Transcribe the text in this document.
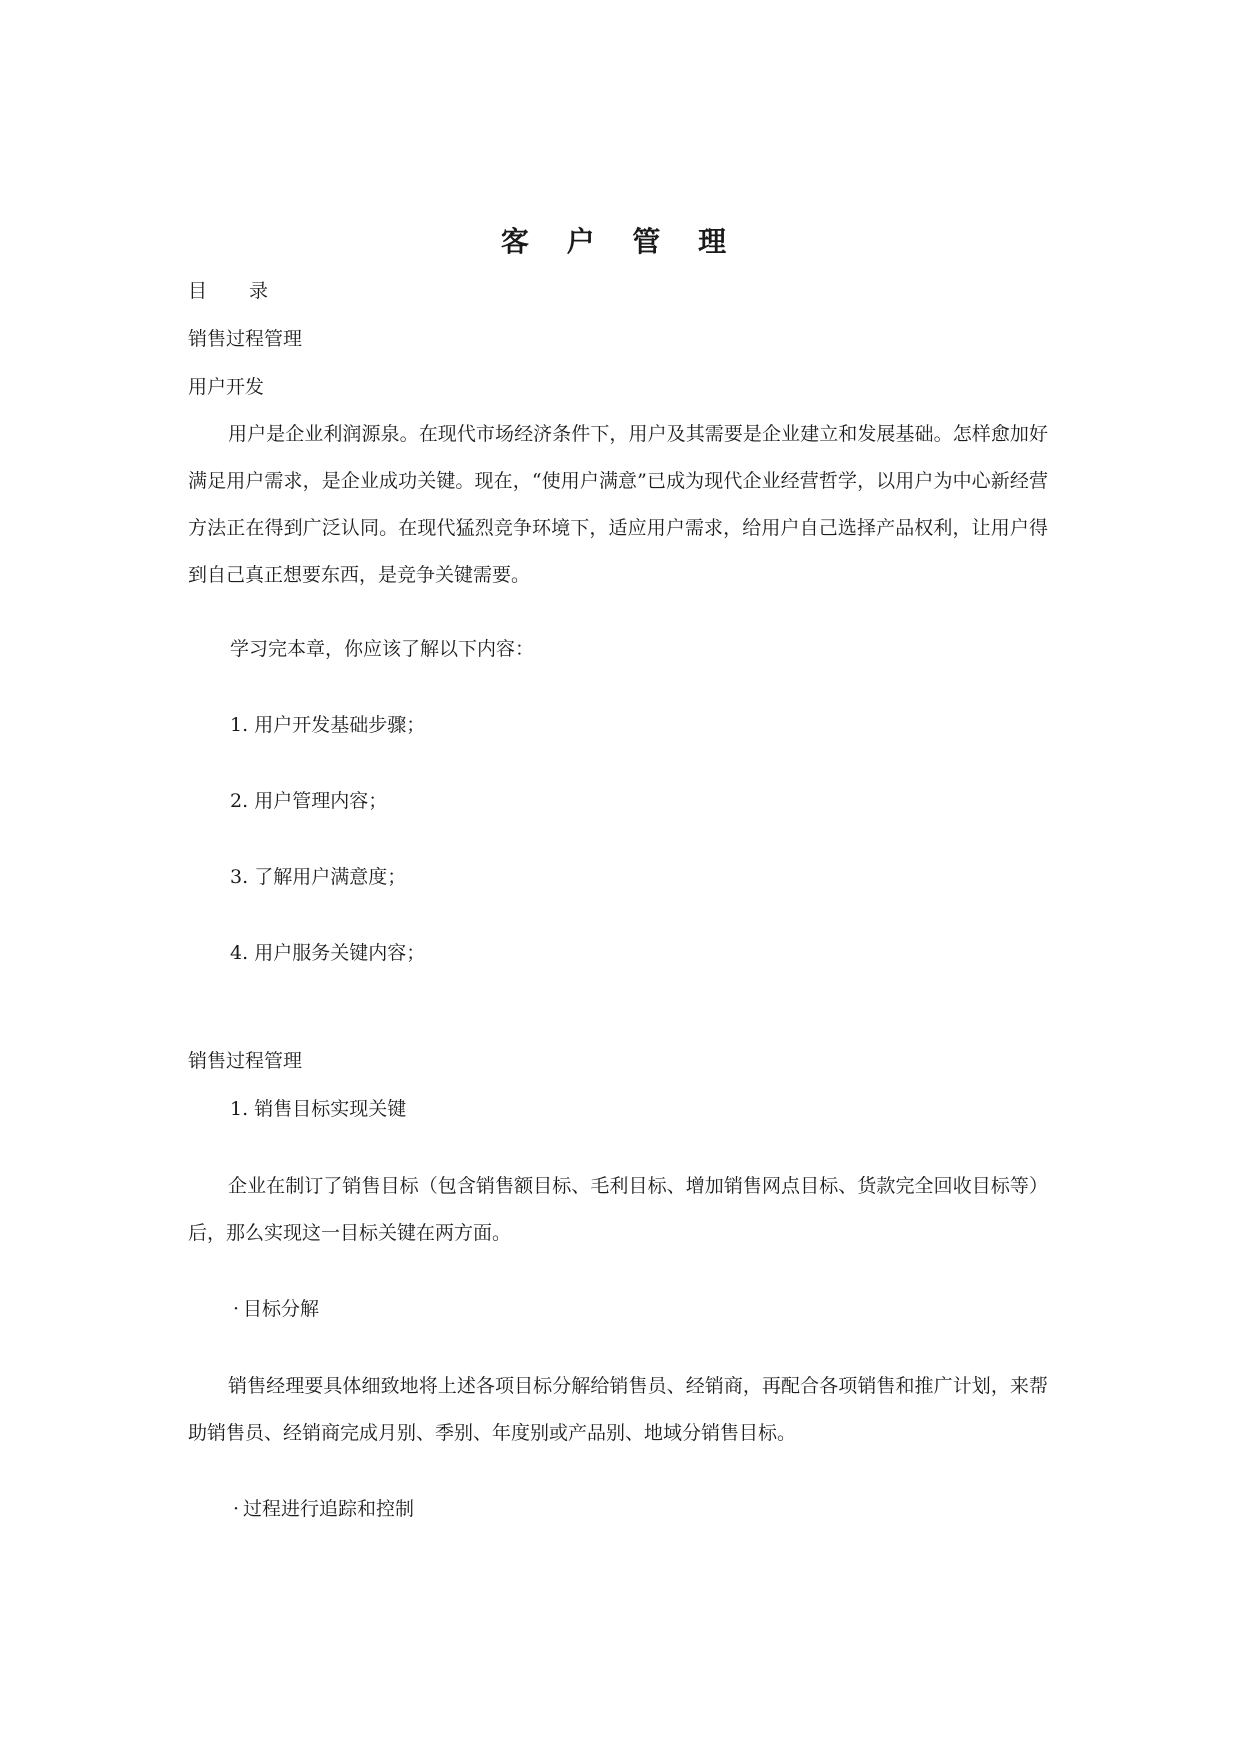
客 户 管 理
目 录
销售过程管理
用户开发
用户是企业利润源泉。在现代市场经济条件下，用户及其需要是企业建立和发展基础。怎样愈加好满足用户需求，是企业成功关键。现在，“使用户满意”已成为现代企业经营哲学，以用户为中心新经营方法正在得到广泛认同。在现代猛烈竞争环境下，适应用户需求，给用户自己选择产品权利，让用户得到自己真正想要东西，是竞争关键需要。
学习完本章，你应该了解以下内容：
1. 用户开发基础步骤；
2. 用户管理内容；
3. 了解用户满意度；
4. 用户服务关键内容；
销售过程管理
1. 销售目标实现关键
企业在制订了销售目标（包含销售额目标、毛利目标、增加销售网点目标、货款完全回收目标等）后，那么实现这一目标关键在两方面。
· 目标分解
销售经理要具体细致地将上述各项目标分解给销售员、经销商，再配合各项销售和推广计划，来帮助销售员、经销商完成月别、季别、年度别或产品别、地域分销售目标。
· 过程进行追踪和控制
